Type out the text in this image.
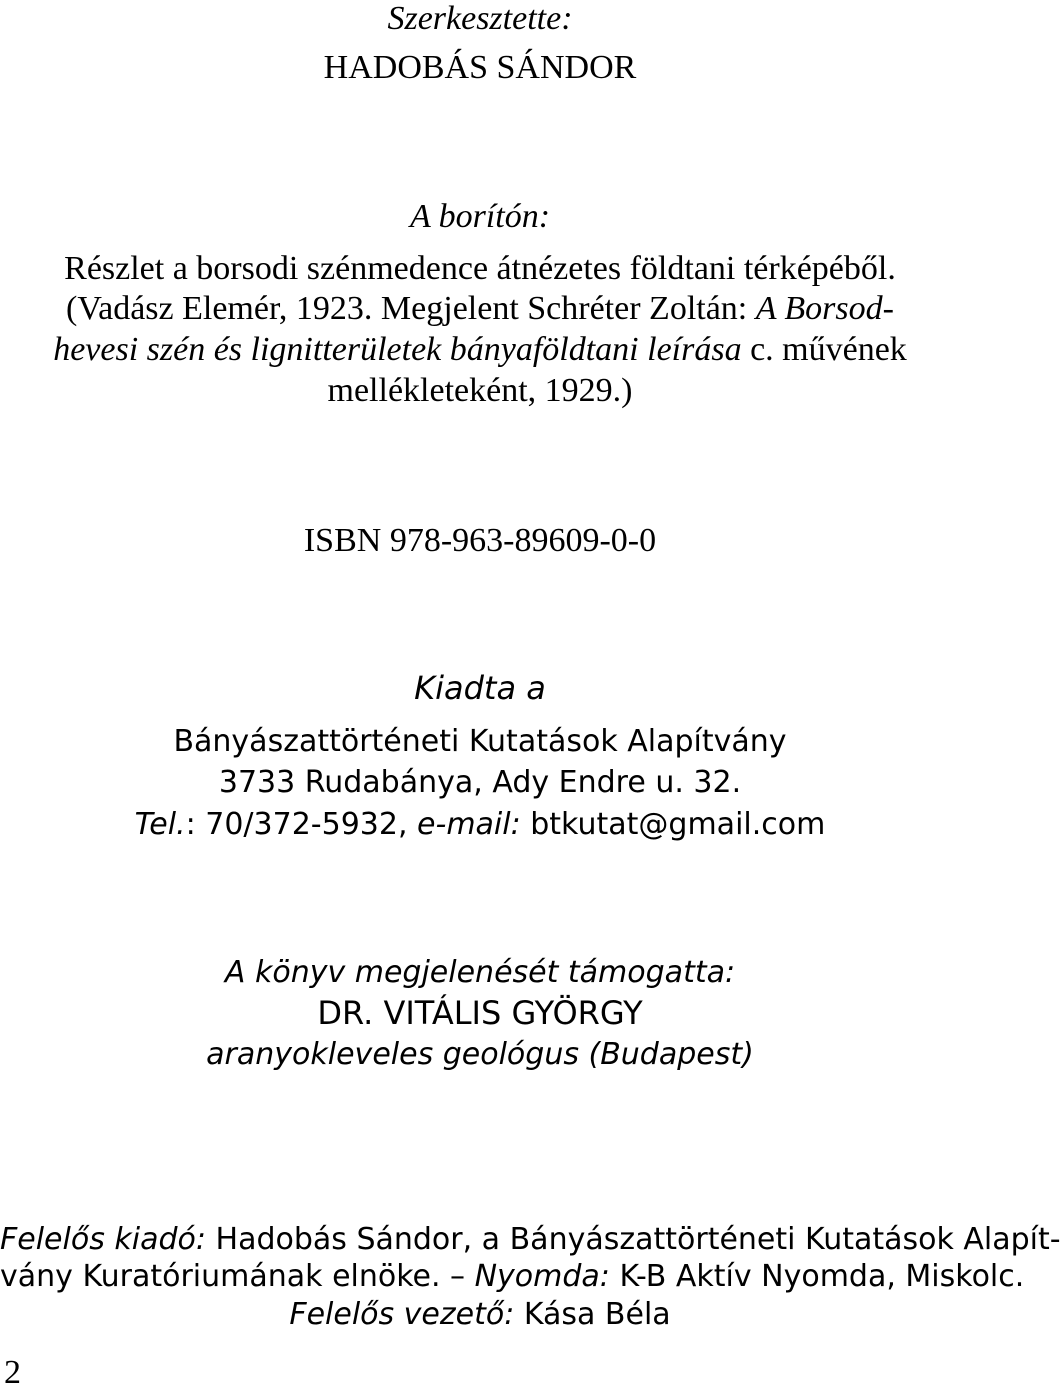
Szerkesztette:
HADOBÁS SÁNDOR
A borítón:
Részlet a borsodi szénmedence átnézetes földtani térképéből.
(Vadász Elemér, 1923. Megjelent Schréter Zoltán: A Borsod-
hevesi szén és lignitterületek bányaföldtani leírása c. művének
mellékleteként, 1929.)
ISBN 978-963-89609-0-0
Kiadta a
Bányászattörténeti Kutatások Alapítvány
3733 Rudabánya, Ady Endre u. 32.
Tel.: 70/372-5932, e-mail: btkutat@gmail.com
A könyv megjelenését támogatta:
DR. VITÁLIS GYÖRGY
aranyokleveles geológus (Budapest)
Felelős kiadó: Hadobás Sándor, a Bányászattörténeti Kutatások Alapít-
vány Kuratóriumának elnöke. – Nyomda: K-B Aktív Nyomda, Miskolc.
Felelős vezető: Kása Béla
2
